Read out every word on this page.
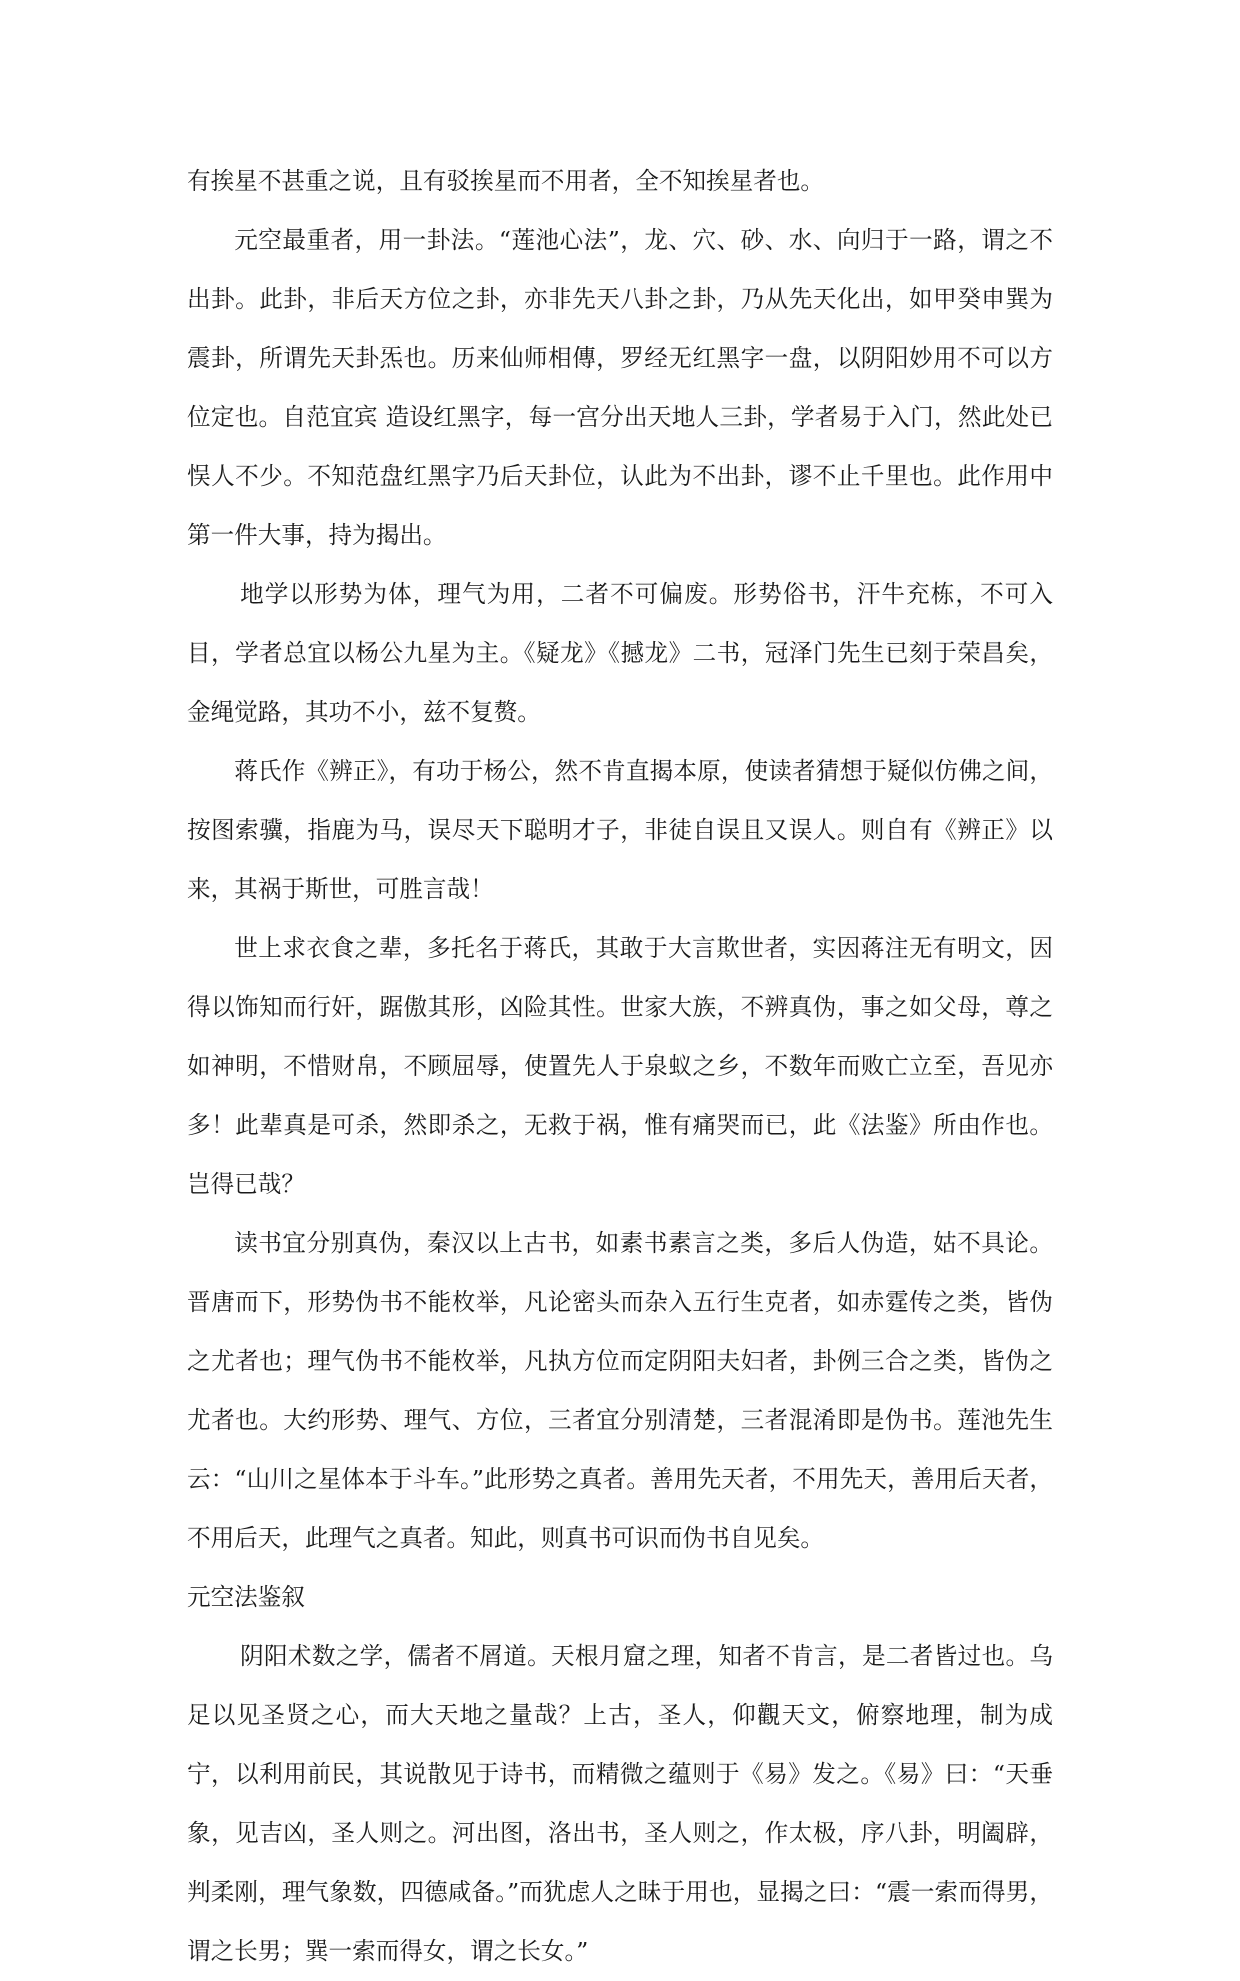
有挨星不甚重之说，且有驳挨星而不用者，全不知挨星者也。

元空最重者，用一卦法。“莲池心法”，龙、穴、砂、水、向归于一路，谓之不出卦。此卦，非后天方位之卦，亦非先天八卦之卦，乃从先天化出，如甲癸申巽为震卦，所谓先天卦炁也。历来仙师相傳，罗经无红黑字一盘，以阴阳妙用不可以方位定也。自范宜宾 造设红黑字，每一宫分出天地人三卦，学者易于入门，然此处已悮人不少。不知范盘红黑字乃后天卦位，认此为不出卦，谬不止千里也。此作用中第一件大事，持为揭出。

地学以形势为体，理气为用，二者不可偏废。形势俗书，汗牛充栋，不可入目，学者总宜以杨公九星为主。《疑龙》《撼龙》二书，冠泽门先生已刻于荣昌矣，金绳觉路，其功不小，兹不复赘。

蒋氏作《辨正》，有功于杨公，然不肯直揭本原，使读者猜想于疑似仿佛之间，按图索骥，指鹿为马，误尽天下聪明才子，非徒自误且又误人。则自有《辨正》以来，其祸于斯世，可胜言哉！

世上求衣食之辈，多托名于蒋氏，其敢于大言欺世者，实因蒋注无有明文，因得以饰知而行奸，踞傲其形，凶险其性。世家大族，不辨真伪，事之如父母，尊之如神明，不惜财帛，不顾屈辱，使置先人于泉蚁之乡，不数年而败亡立至，吾见亦多！此辈真是可杀，然即杀之，无救于祸，惟有痛哭而已，此《法鉴》所由作也。岂得已哉？

读书宜分别真伪，秦汉以上古书，如素书素言之类，多后人伪造，姑不具论。晋唐而下，形势伪书不能枚举，凡论密头而杂入五行生克者，如赤霆传之类，皆伪之尤者也；理气伪书不能枚举，凡执方位而定阴阳夫妇者，卦例三合之类，皆伪之尤者也。大约形势、理气、方位，三者宜分别清楚，三者混淆即是伪书。莲池先生云：“山川之星体本于斗车。”此形势之真者。善用先天者，不用先天，善用后天者，不用后天，此理气之真者。知此，则真书可识而伪书自见矣。

元空法鉴叙

阴阳术数之学，儒者不屑道。天根月窟之理，知者不肯言，是二者皆过也。乌足以见圣贤之心，而大天地之量哉？上古，圣人，仰觀天文，俯察地理，制为成宁，以利用前民，其说散见于诗书，而精微之蕴则于《易》发之。《易》曰：“天垂象，见吉凶，圣人则之。河出图，洛出书，圣人则之，作太极，序八卦，明阖辟，判柔刚，理气象数，四德咸备。”而犹虑人之昧于用也，显揭之曰：“震一索而得男，谓之长男；巽一索而得女，谓之长女。”
